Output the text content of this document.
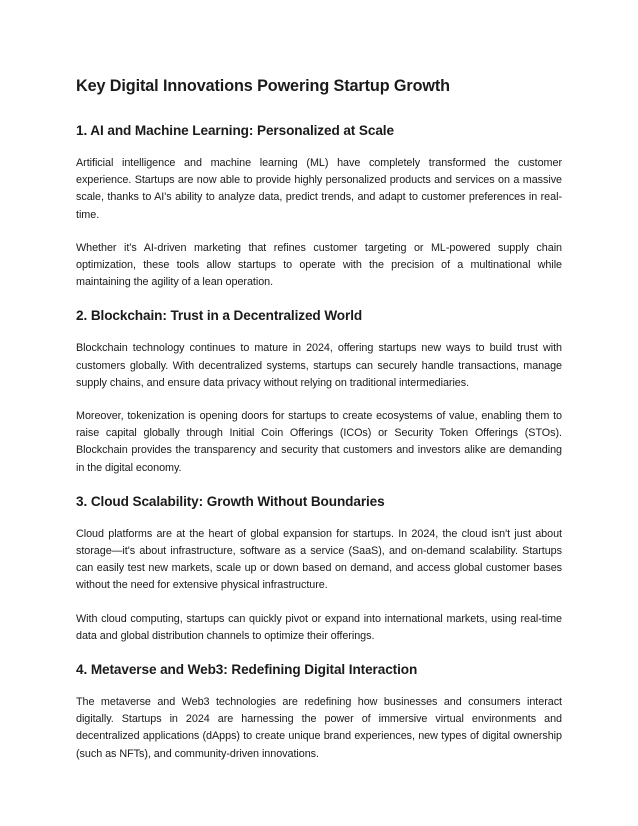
Key Digital Innovations Powering Startup Growth
1. AI and Machine Learning: Personalized at Scale

Artificial intelligence and machine learning (ML) have completely transformed the customer experience. Startups are now able to provide highly personalized products and services on a massive scale, thanks to AI's ability to analyze data, predict trends, and adapt to customer preferences in real-time.

Whether it’s AI-driven marketing that refines customer targeting or ML-powered supply chain optimization, these tools allow startups to operate with the precision of a multinational while maintaining the agility of a lean operation.

2. Blockchain: Trust in a Decentralized World

Blockchain technology continues to mature in 2024, offering startups new ways to build trust with customers globally. With decentralized systems, startups can securely handle transactions, manage supply chains, and ensure data privacy without relying on traditional intermediaries.

Moreover, tokenization is opening doors for startups to create ecosystems of value, enabling them to raise capital globally through Initial Coin Offerings (ICOs) or Security Token Offerings (STOs). Blockchain provides the transparency and security that customers and investors alike are demanding in the digital economy.

3. Cloud Scalability: Growth Without Boundaries

Cloud platforms are at the heart of global expansion for startups. In 2024, the cloud isn't just about storage—it's about infrastructure, software as a service (SaaS), and on-demand scalability. Startups can easily test new markets, scale up or down based on demand, and access global customer bases without the need for extensive physical infrastructure.

With cloud computing, startups can quickly pivot or expand into international markets, using real-time data and global distribution channels to optimize their offerings.

4. Metaverse and Web3: Redefining Digital Interaction

The metaverse and Web3 technologies are redefining how businesses and consumers interact digitally. Startups in 2024 are harnessing the power of immersive virtual environments and decentralized applications (dApps) to create unique brand experiences, new types of digital ownership (such as NFTs), and community-driven innovations.
